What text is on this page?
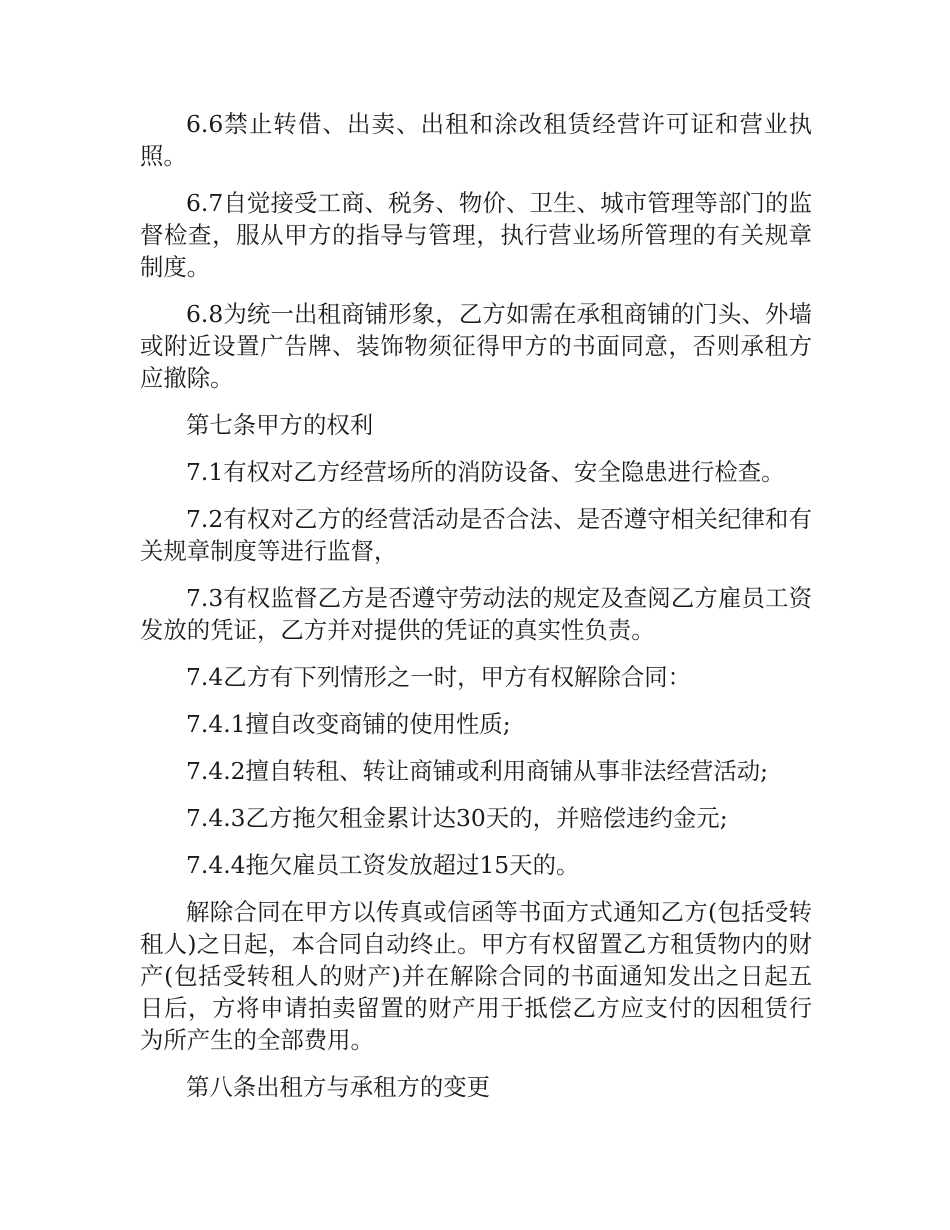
6.6禁止转借、出卖、出租和涂改租赁经营许可证和营业执照。

6.7自觉接受工商、税务、物价、卫生、城市管理等部门的监督检查，服从甲方的指导与管理，执行营业场所管理的有关规章制度。

6.8为统一出租商铺形象，乙方如需在承租商铺的门头、外墙或附近设置广告牌、装饰物须征得甲方的书面同意，否则承租方应撤除。

第七条甲方的权利

7.1有权对乙方经营场所的消防设备、安全隐患进行检查。

7.2有权对乙方的经营活动是否合法、是否遵守相关纪律和有关规章制度等进行监督，

7.3有权监督乙方是否遵守劳动法的规定及查阅乙方雇员工资发放的凭证，乙方并对提供的凭证的真实性负责。

7.4乙方有下列情形之一时，甲方有权解除合同：

7.4.1擅自改变商铺的使用性质;

7.4.2擅自转租、转让商铺或利用商铺从事非法经营活动;

7.4.3乙方拖欠租金累计达30天的，并赔偿违约金元;

7.4.4拖欠雇员工资发放超过15天的。

解除合同在甲方以传真或信函等书面方式通知乙方(包括受转租人)之日起，本合同自动终止。甲方有权留置乙方租赁物内的财产(包括受转租人的财产)并在解除合同的书面通知发出之日起五日后，方将申请拍卖留置的财产用于抵偿乙方应支付的因租赁行为所产生的全部费用。

第八条出租方与承租方的变更
